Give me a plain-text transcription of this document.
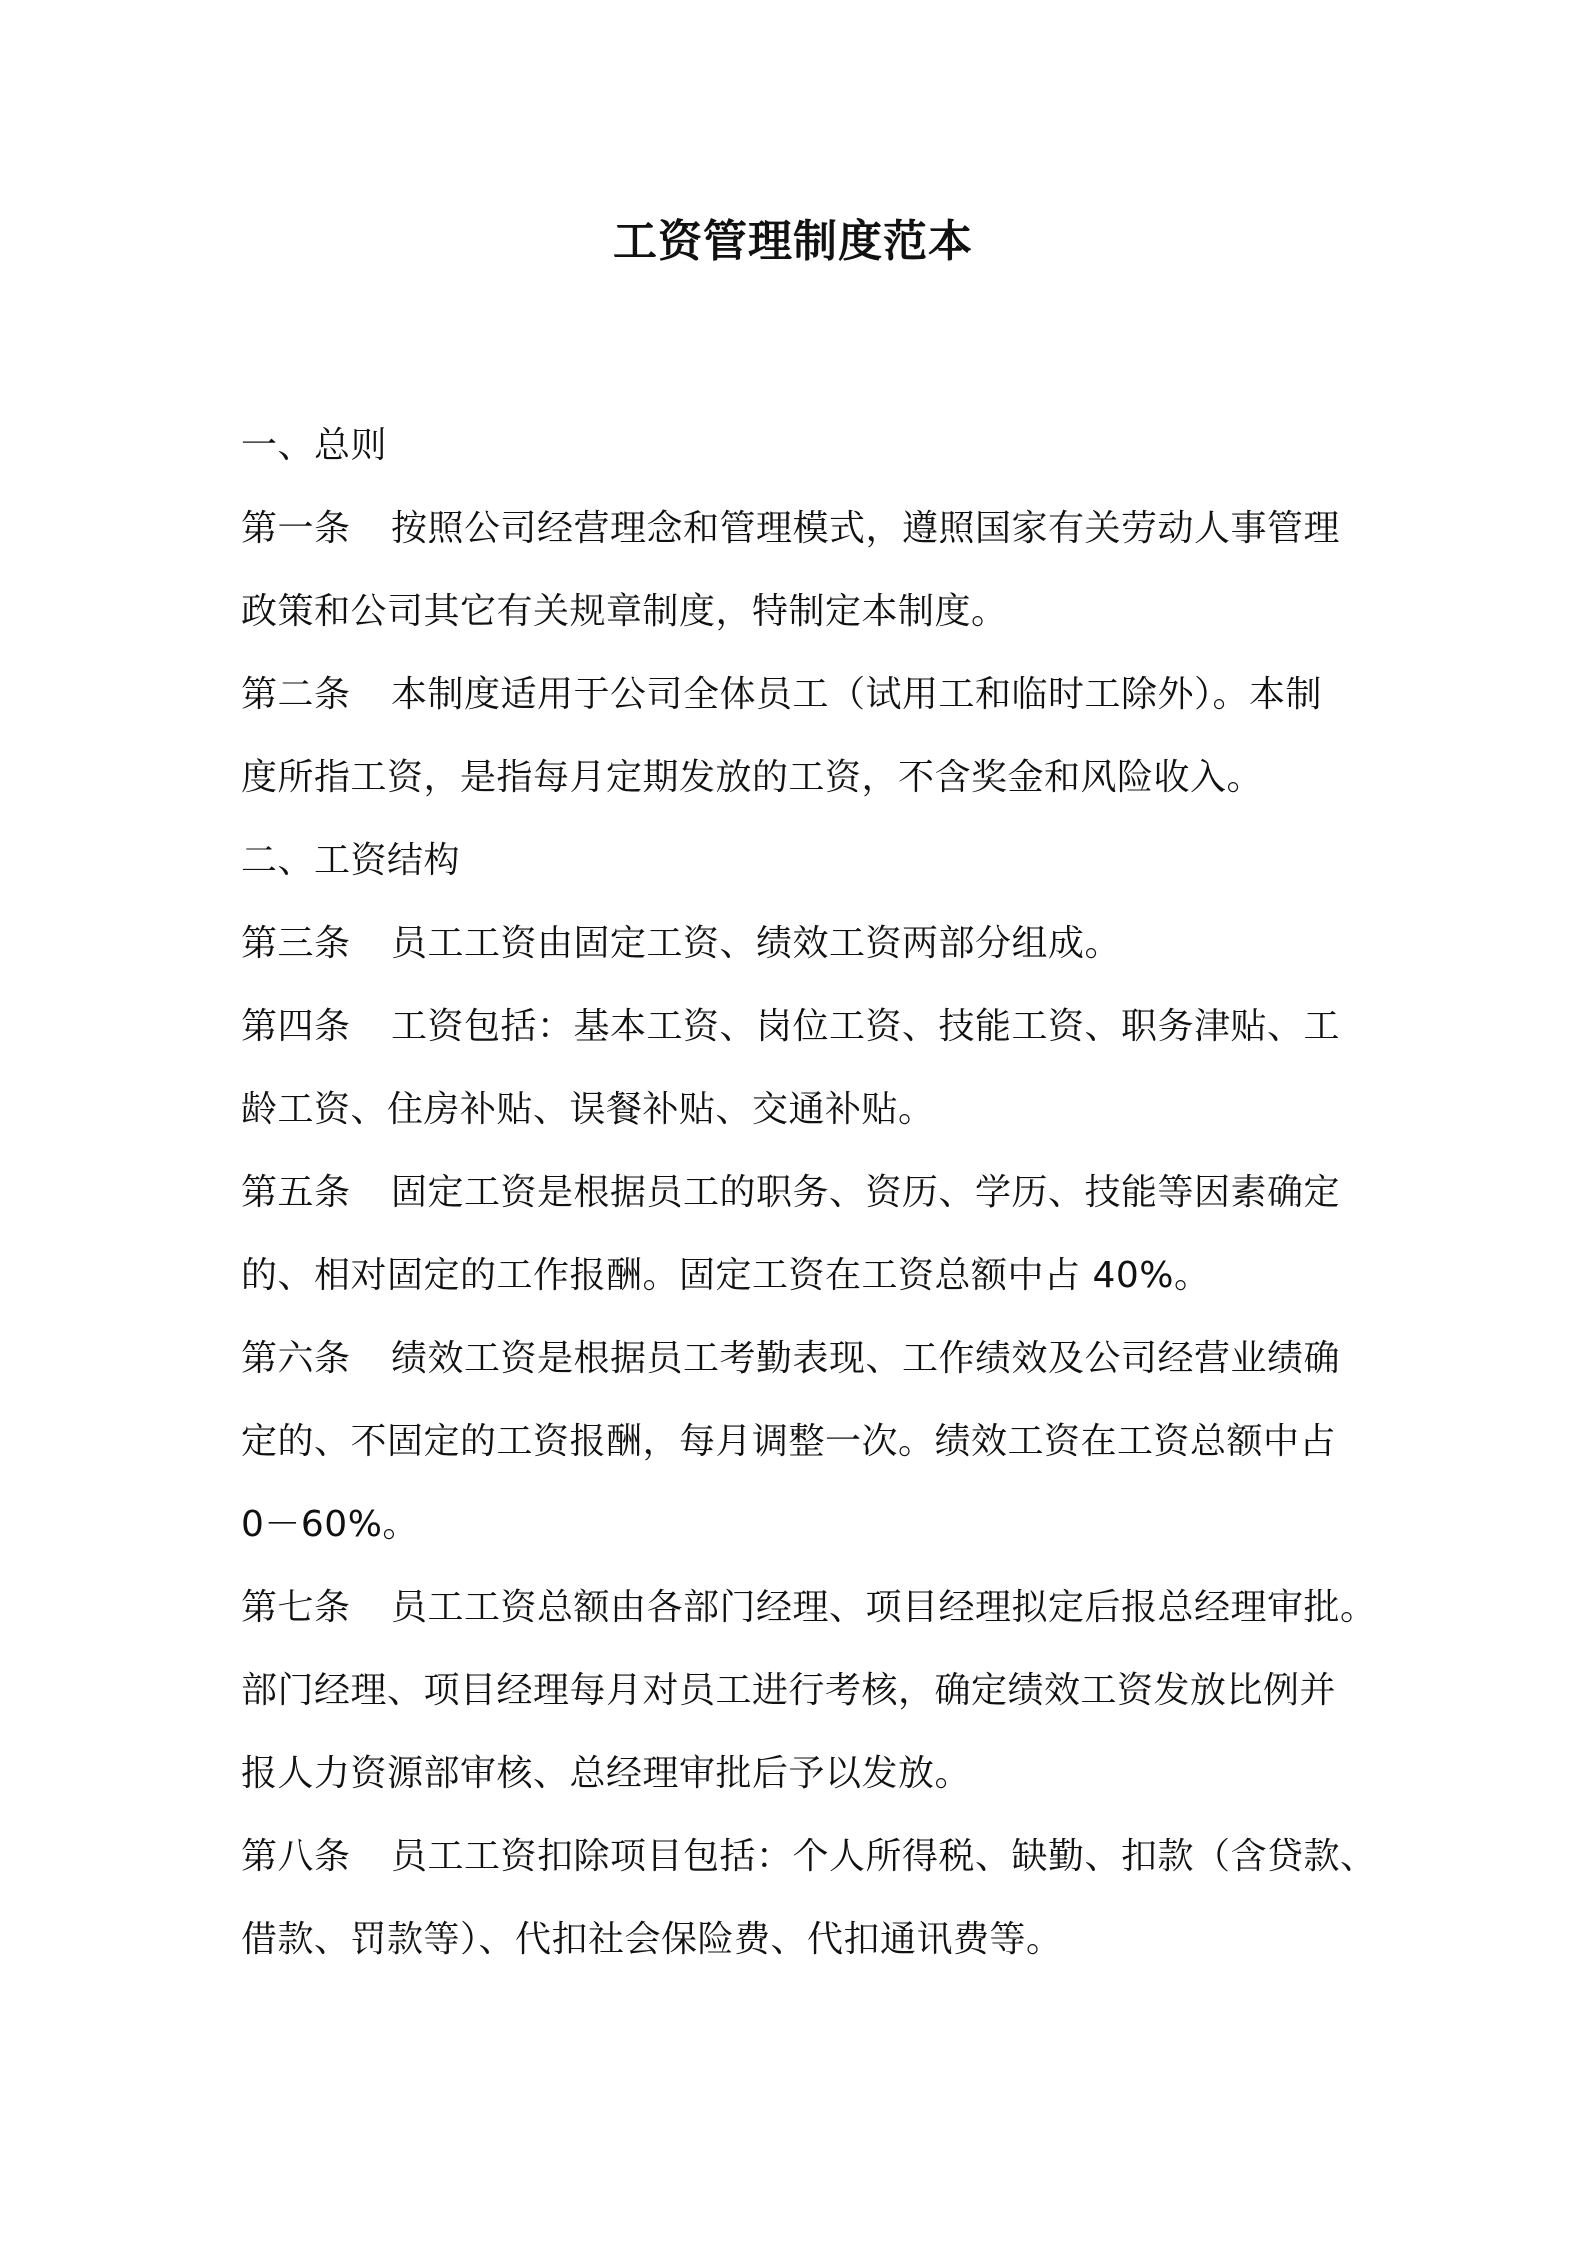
工资管理制度范本
一、总则
第一条 按照公司经营理念和管理模式，遵照国家有关劳动人事管理
政策和公司其它有关规章制度，特制定本制度。
第二条 本制度适用于公司全体员工（试用工和临时工除外）。本制
度所指工资，是指每月定期发放的工资，不含奖金和风险收入。
二、工资结构
第三条 员工工资由固定工资、绩效工资两部分组成。
第四条 工资包括：基本工资、岗位工资、技能工资、职务津贴、工
龄工资、住房补贴、误餐补贴、交通补贴。
第五条 固定工资是根据员工的职务、资历、学历、技能等因素确定
的、相对固定的工作报酬。固定工资在工资总额中占 40%。
第六条 绩效工资是根据员工考勤表现、工作绩效及公司经营业绩确
定的、不固定的工资报酬，每月调整一次。绩效工资在工资总额中占
0－60%。
第七条 员工工资总额由各部门经理、项目经理拟定后报总经理审批。
部门经理、项目经理每月对员工进行考核，确定绩效工资发放比例并
报人力资源部审核、总经理审批后予以发放。
第八条 员工工资扣除项目包括：个人所得税、缺勤、扣款（含贷款、
借款、罚款等）、代扣社会保险费、代扣通讯费等。
